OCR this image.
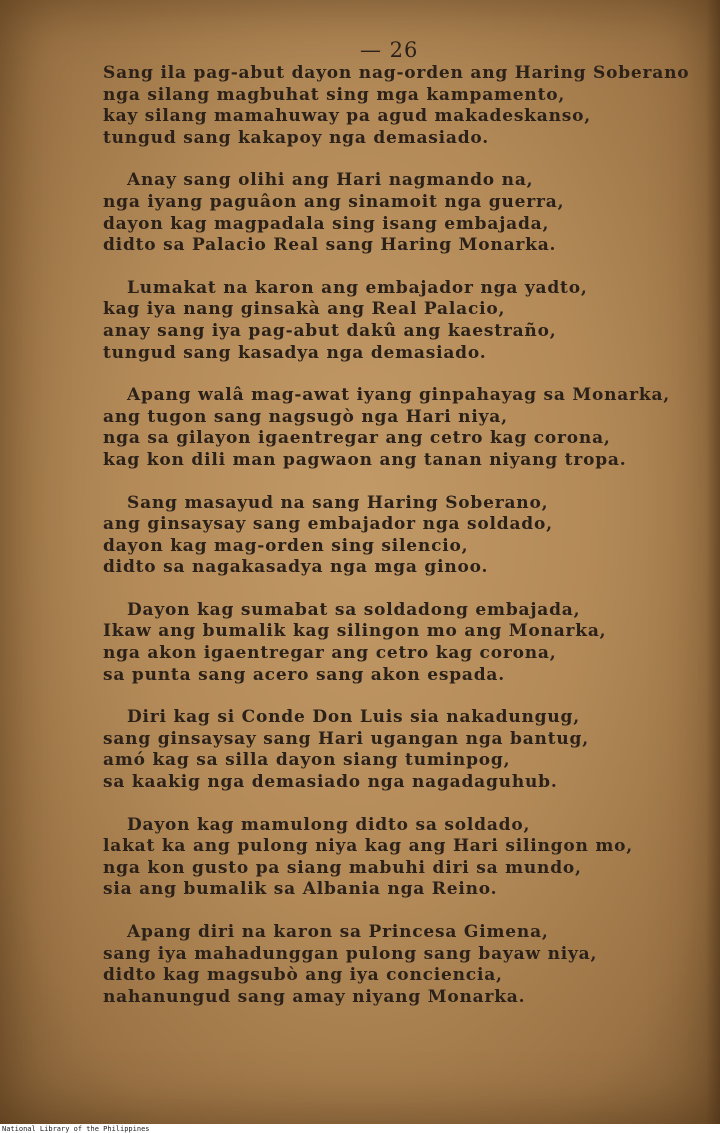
— 26
Sang ila pag-abut dayon nag-orden ang Haring Soberano
nga silang magbuhat sing mga kampamento,
kay silang mamahuway pa agud makadeskanso,
tungud sang kakapoy nga demasiado.
Anay sang olihi ang Hari nagmando na,
nga iyang paguâon ang sinamoit nga guerra,
dayon kag magpadala sing isang embajada,
didto sa Palacio Real sang Haring Monarka.
Lumakat na karon ang embajador nga yadto,
kag iya nang ginsakà ang Real Palacio,
anay sang iya pag-abut dakû ang kaestraño,
tungud sang kasadya nga demasiado.
Apang walâ mag-awat iyang ginpahayag sa Monarka,
ang tugon sang nagsugò nga Hari niya,
nga sa gilayon igaentregar ang cetro kag corona,
kag kon dili man pagwaon ang tanan niyang tropa.
Sang masayud na sang Haring Soberano,
ang ginsaysay sang embajador nga soldado,
dayon kag mag-orden sing silencio,
didto sa nagakasadya nga mga ginoo.
Dayon kag sumabat sa soldadong embajada,
Ikaw ang bumalik kag silingon mo ang Monarka,
nga akon igaentregar ang cetro kag corona,
sa punta sang acero sang akon espada.
Diri kag si Conde Don Luis sia nakadungug,
sang ginsaysay sang Hari ugangan nga bantug,
amó kag sa silla dayon siang tuminpog,
sa kaakig nga demasiado nga nagadaguhub.
Dayon kag mamulong didto sa soldado,
lakat ka ang pulong niya kag ang Hari silingon mo,
nga kon gusto pa siang mabuhi diri sa mundo,
sia ang bumalik sa Albania nga Reino.
Apang diri na karon sa Princesa Gimena,
sang iya mahadunggan pulong sang bayaw niya,
didto kag magsubò ang iya conciencia,
nahanungud sang amay niyang Monarka.
National Library of the Philippines
